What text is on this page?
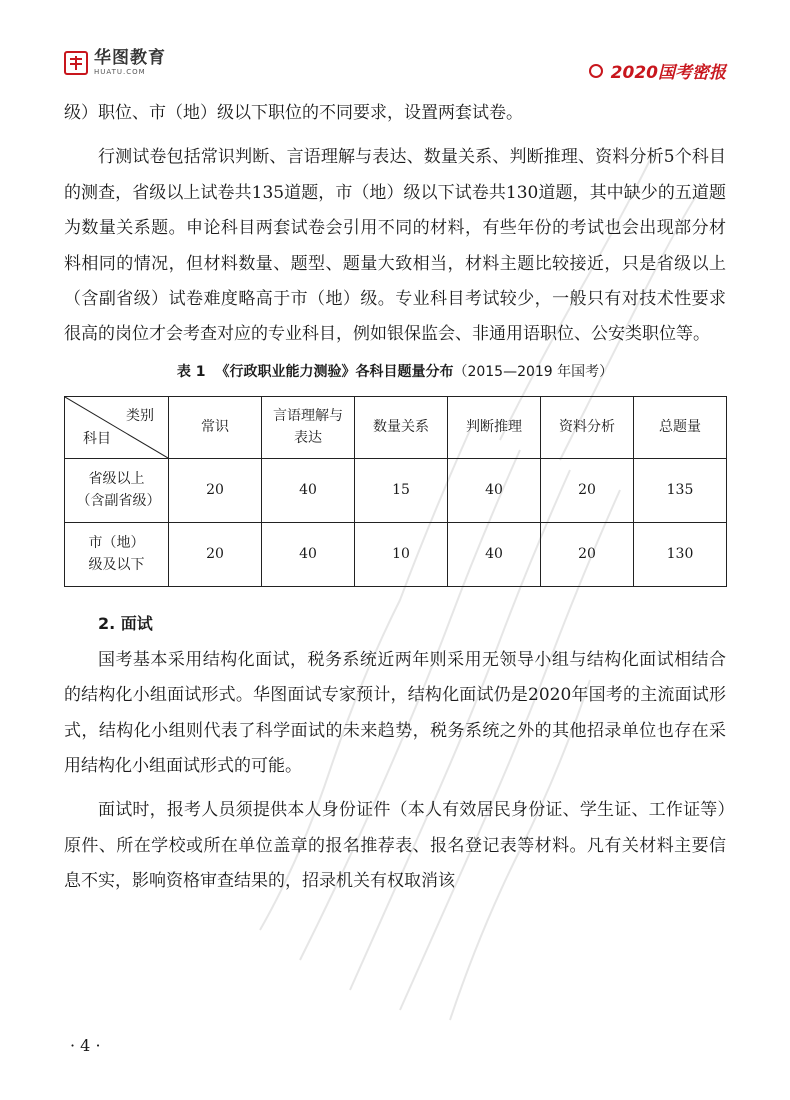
华图教育
HUATU.COM	2020国考密报

级）职位、市（地）级以下职位的不同要求，设置两套试卷。

行测试卷包括常识判断、言语理解与表达、数量关系、判断推理、资料分析5个科目的测查，省级以上试卷共135道题，市（地）级以下试卷共130道题，其中缺少的五道题为数量关系题。申论科目两套试卷会引用不同的材料，有些年份的考试也会出现部分材料相同的情况，但材料数量、题型、题量大致相当，材料主题比较接近，只是省级以上（含副省级）试卷难度略高于市（地）级。专业科目考试较少，一般只有对技术性要求很高的岗位才会考查对应的专业科目，例如银保监会、非通用语职位、公安类职位等。

表 1 《行政职业能力测验》各科目题量分布（2015—2019 年国考）
类别
科目	常识	言语理解与表达	数量关系	判断推理	资料分析	总题量
省级以上（含副省级）	20	40	15	40	20	135
市（地）级及以下	20	40	10	40	20	130
2. 面试

国考基本采用结构化面试，税务系统近两年则采用无领导小组与结构化面试相结合的结构化小组面试形式。华图面试专家预计，结构化面试仍是2020年国考的主流面试形式，结构化小组则代表了科学面试的未来趋势，税务系统之外的其他招录单位也存在采用结构化小组面试形式的可能。

面试时，报考人员须提供本人身份证件（本人有效居民身份证、学生证、工作证等）原件、所在学校或所在单位盖章的报名推荐表、报名登记表等材料。凡有关材料主要信息不实，影响资格审查结果的，招录机关有权取消该

· 4 ·
